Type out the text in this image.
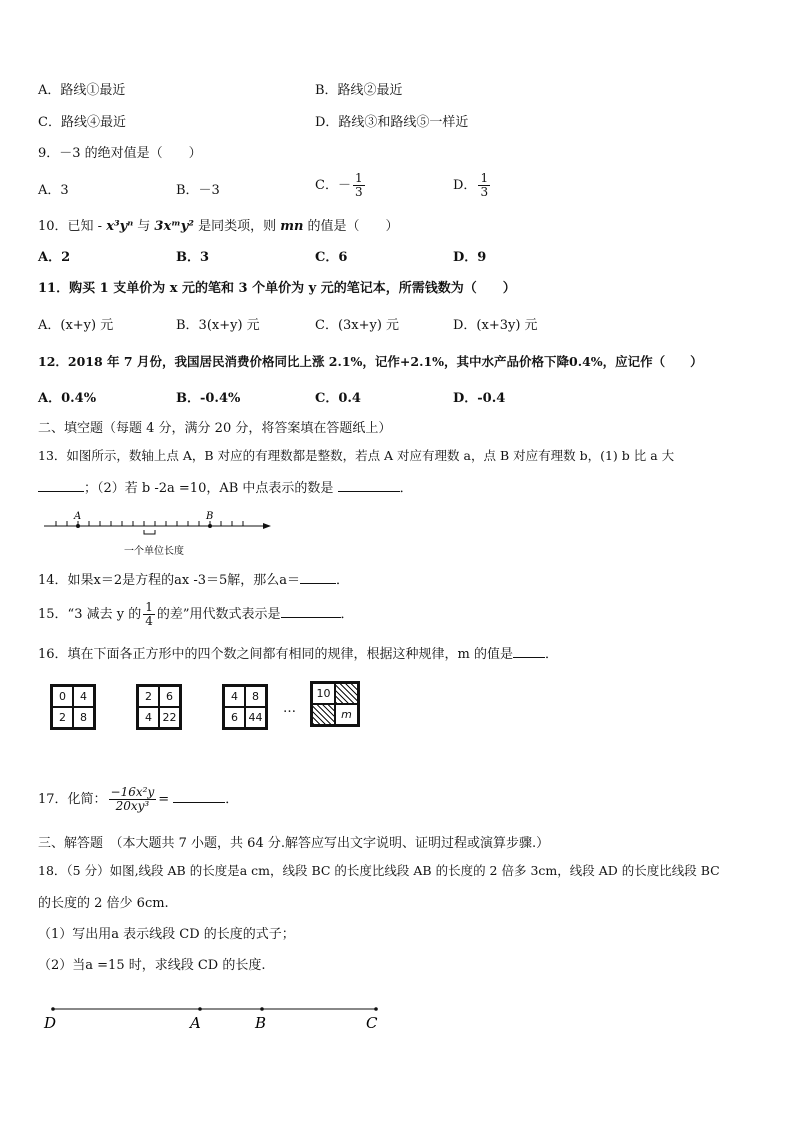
A．路线①最近	B．路线②最近
C．路线④最近	D．路线③和路线⑤一样近
9．－3 的绝对值是（　　）
A．3	B．－3	C．－ $\frac{1}{3}$	D． $\frac{1}{3}$
10．已知 - x³yⁿ 与 3xᵐy² 是同类项，则 mn 的值是（　　）
A．2	B．3	C．6	D．9
11．购买 1 支单价为 x 元的笔和 3 个单价为 y 元的笔记本，所需钱数为（　　）
A．(x+y) 元	B．3(x+y) 元	C．(3x+y) 元	D．(x+3y) 元
12．2018 年 7 月份，我国居民消费价格同比上涨 2.1%，记作+2.1%，其中水产品价格下降0.4%，应记作（　　）
A．0.4%	B．-0.4%	C．0.4	D．-0.4
二、填空题（每题 4 分，满分 20 分，将答案填在答题纸上）
13．如图所示，数轴上点 A，B 对应的有理数都是整数，若点 A 对应有理数 a，点 B 对应有理数 b，(1) b 比 a 大
；（2）若 b -2a =10，AB 中点表示的数是	．
A	B
一个单位长度
14．如果x＝2是方程的ax -3＝5解，那么a＝	．
15．“3 减去 y 的 $\frac{1}{4}$ 的差”用代数式表示是	．
16．填在下面各正方形中的四个数之间都有相同的规律，根据这种规律，m 的值是 ．
0	4
2	8
2	6
4 22
4	8
6 44
…
10
m
17．化简： $\frac{\text{−16x²y}}{\text{20xy³}}$ =	．
三、解答题　（本大题共 7 小题，共 64 分.解答应写出文字说明、证明过程或演算步骤.）
18．（5 分）如图,线段 AB 的长度是a cm，线段 BC 的长度比线段 AB 的长度的 2 倍多 3cm，线段 AD 的长度比线段 BC
的长度的 2 倍少 6cm.
（1）写出用a 表示线段 CD 的长度的式子；
（2）当a =15 时，求线段 CD 的长度.
D	A	B	C
